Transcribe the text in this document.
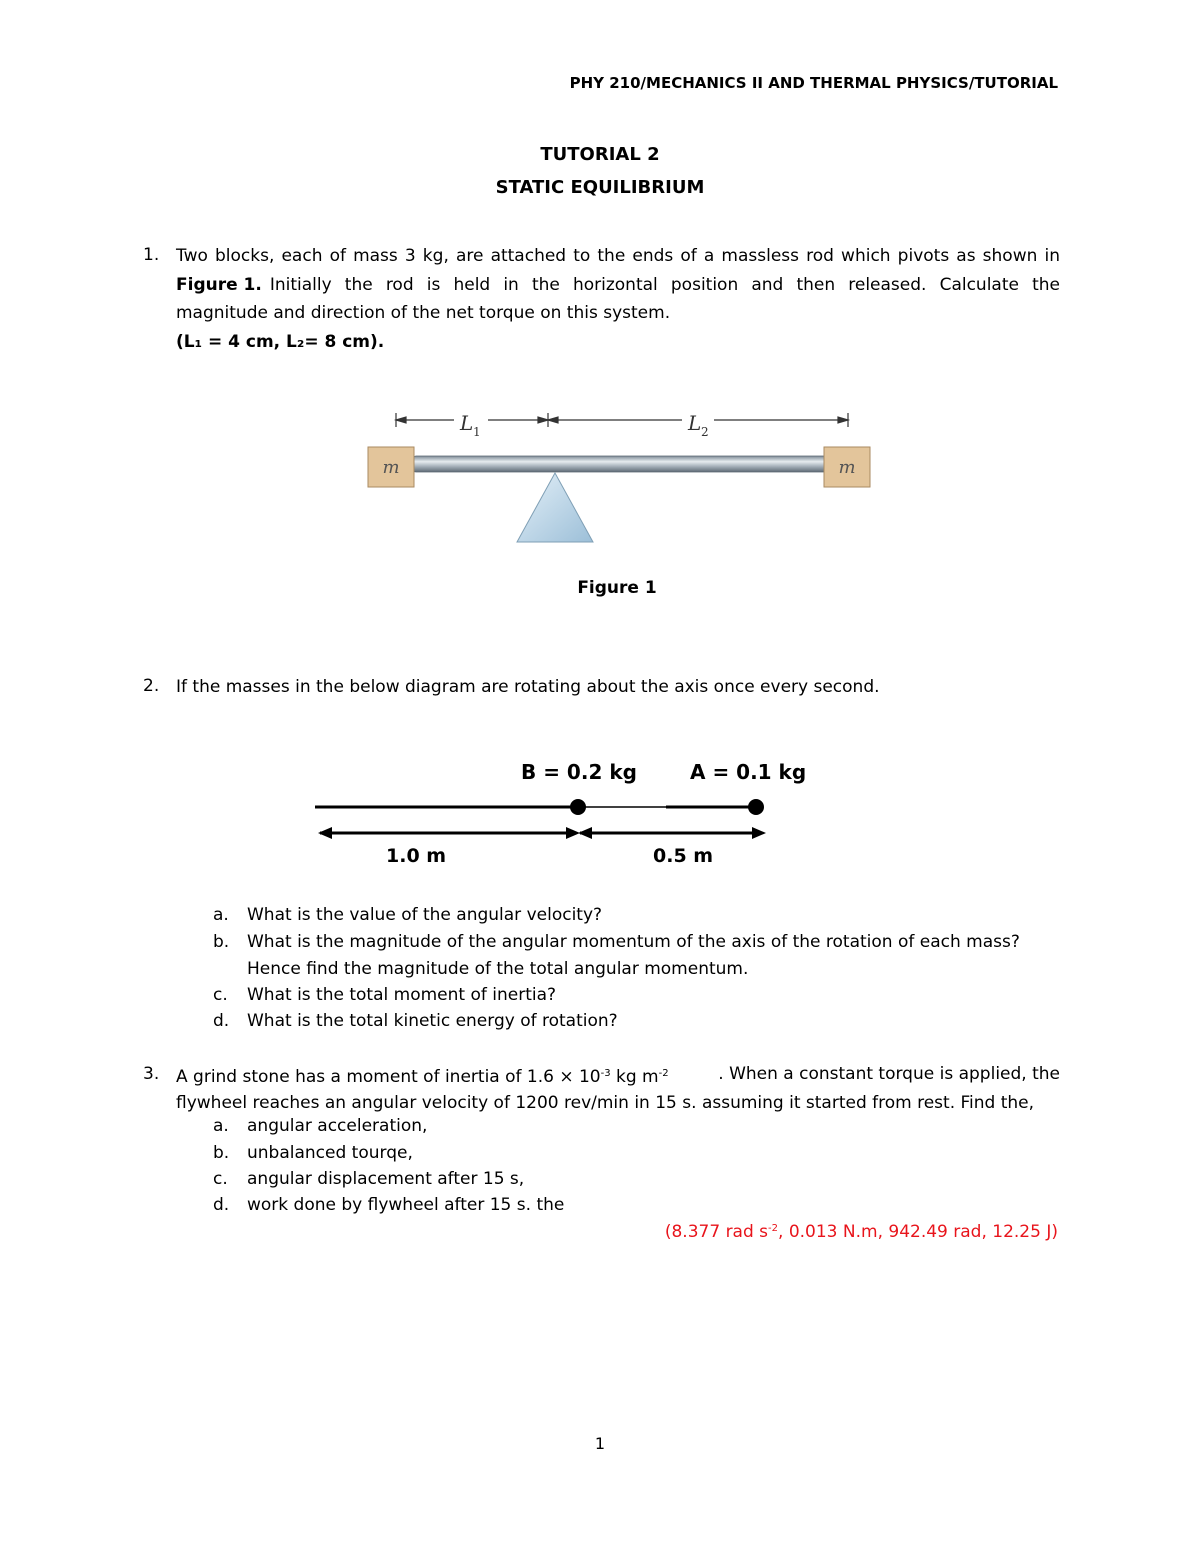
PHY 210/MECHANICS II AND THERMAL PHYSICS/TUTORIAL
TUTORIAL 2
STATIC EQUILIBRIUM
1. Two blocks, each of mass 3 kg, are attached to the ends of a massless rod which pivots as shown in
Figure 1. Initially the rod is held in the horizontal position and then released. Calculate the
magnitude and direction of the net torque on this system.
(L₁ = 4 cm, L₂= 8 cm).
L 1	L 2
m	m
Figure 1
2. If the masses in the below diagram are rotating about the axis once every second.
B = 0.2 kg	A = 0.1 kg
1.0 m	0.5 m
a. What is the value of the angular velocity?
b. What is the magnitude of the angular momentum of the axis of the rotation of each mass?
Hence find the magnitude of the total angular momentum.
c. What is the total moment of inertia?
d. What is the total kinetic energy of rotation?
3. A grind stone has a moment of inertia of $1.6 \times 10^{-3}$ kg $m^{-2}$	. When a constant torque is applied, the
flywheel reaches an angular velocity of 1200 rev/min in 15 s. assuming it started from rest. Find the,
a. angular acceleration,
b. unbalanced tourqe,
c. angular displacement after 15 s,
d. work done by flywheel after 15 s. the
(8.377 rad $s^{-2}$, 0.013 N.m, 942.49 rad, 12.25 J)
1
